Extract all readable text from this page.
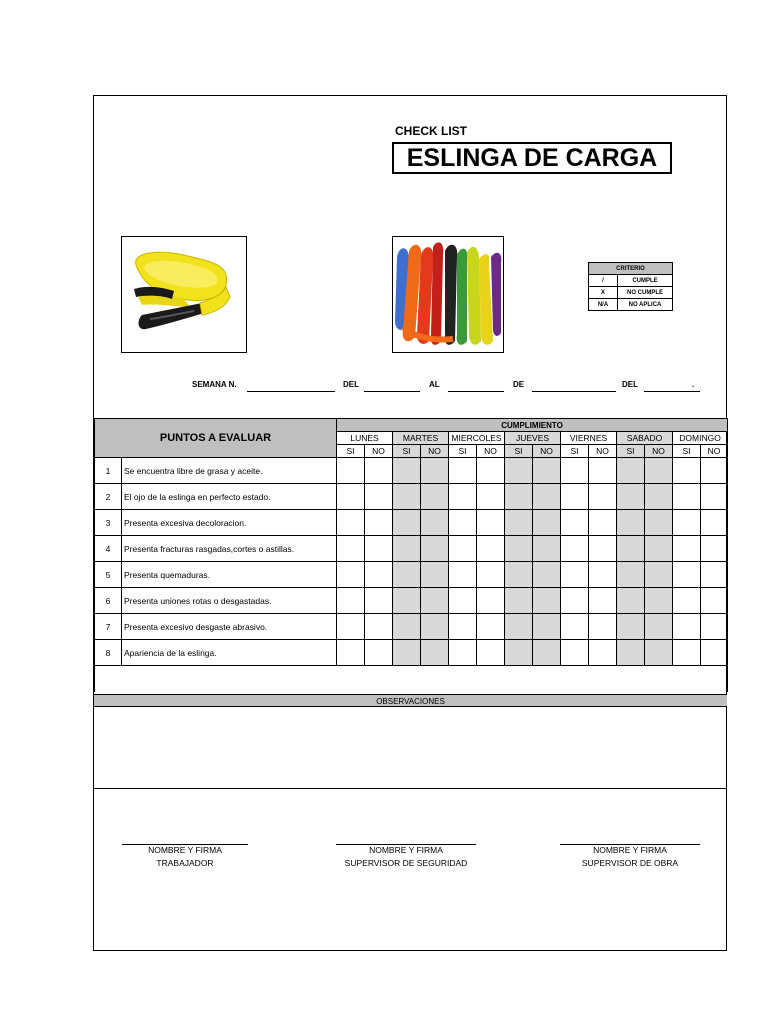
CHECK LIST
ESLINGA DE CARGA
CRITERIO	
/	CUMPLE
X	NO CUMPLE
N/A	NO APLICA
SEMANA N.	DEL	AL	DE	DEL	.
PUNTOS A EVALUAR		CUMPLIMIENTO													
		LUNES		MARTES		MIERCOLES		JUEVES		VIERNES		SABADO		DOMINGO	
		SI	NO	SI	NO	SI	NO	SI	NO	SI	NO	SI	NO	SI	NO
1	Se encuentra libre de grasa y aceite.														
2	El ojo de la eslinga en perfecto estado.														
3	Presenta excesiva decoloracion.														
4	Presenta fracturas rasgadas,cortes o astillas.														
5	Presenta quemaduras.														
6	Presenta uniones rotas o desgastadas.														
7	Presenta excesivo desgaste abrasivo.														
8	Apariencia de la eslinga.														

OBSERVACIONES
NOMBRE Y FIRMA
TRABAJADOR
NOMBRE Y FIRMA
SUPERVISOR DE SEGURIDAD
NOMBRE Y FIRMA
SUPERVISOR DE OBRA
